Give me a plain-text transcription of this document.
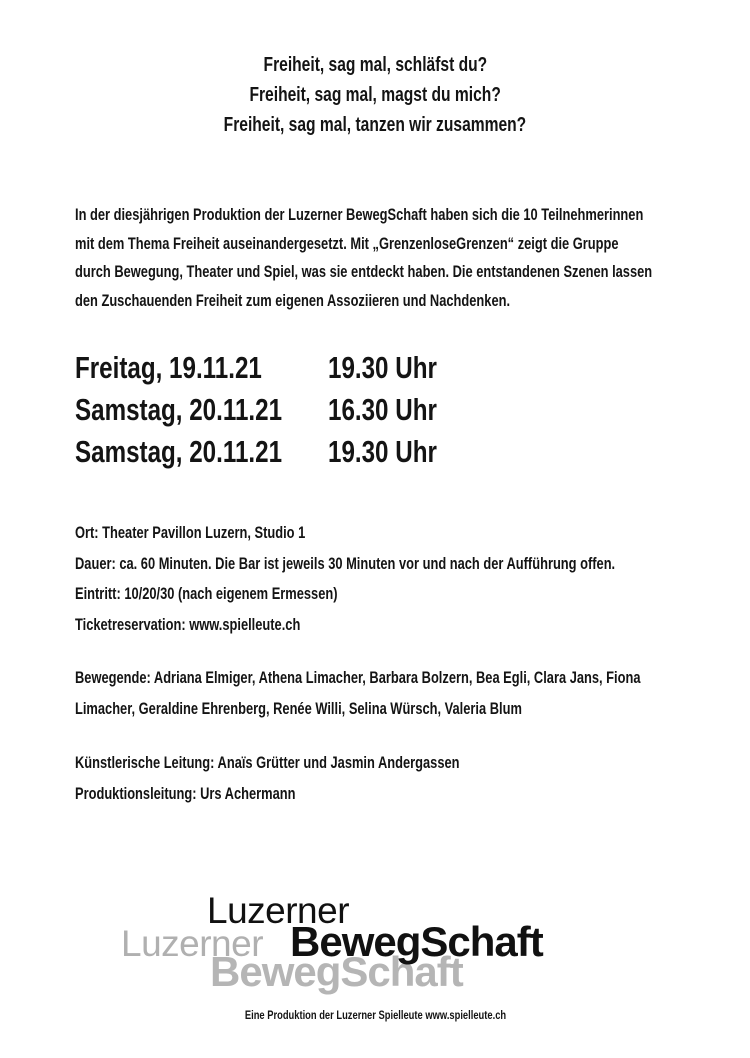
Freiheit, sag mal, schläfst du?
Freiheit, sag mal, magst du mich?
Freiheit, sag mal, tanzen wir zusammen?
In der diesjährigen Produktion der Luzerner BewegSchaft haben sich die 10 Teilnehmerinnen
mit dem Thema Freiheit auseinandergesetzt. Mit „GrenzenloseGrenzen“ zeigt die Gruppe
durch Bewegung, Theater und Spiel, was sie entdeckt haben. Die entstandenen Szenen lassen
den Zuschauenden Freiheit zum eigenen Assoziieren und Nachdenken.
Freitag, 19.11.21	19.30 Uhr
Samstag, 20.11.21	16.30 Uhr
Samstag, 20.11.21	19.30 Uhr
Ort: Theater Pavillon Luzern, Studio 1
Dauer: ca. 60 Minuten. Die Bar ist jeweils 30 Minuten vor und nach der Aufführung offen.
Eintritt: 10/20/30 (nach eigenem Ermessen)
Ticketreservation: www.spielleute.ch
Bewegende: Adriana Elmiger, Athena Limacher, Barbara Bolzern, Bea Egli, Clara Jans, Fiona
Limacher, Geraldine Ehrenberg, Renée Willi, Selina Würsch, Valeria Blum
Künstlerische Leitung: Anaïs Grütter und Jasmin Andergassen
Produktionsleitung: Urs Achermann
Luzerner
BewegSchaft
Luzerner
BewegSchaft
Eine Produktion der Luzerner Spielleute www.spielleute.ch
